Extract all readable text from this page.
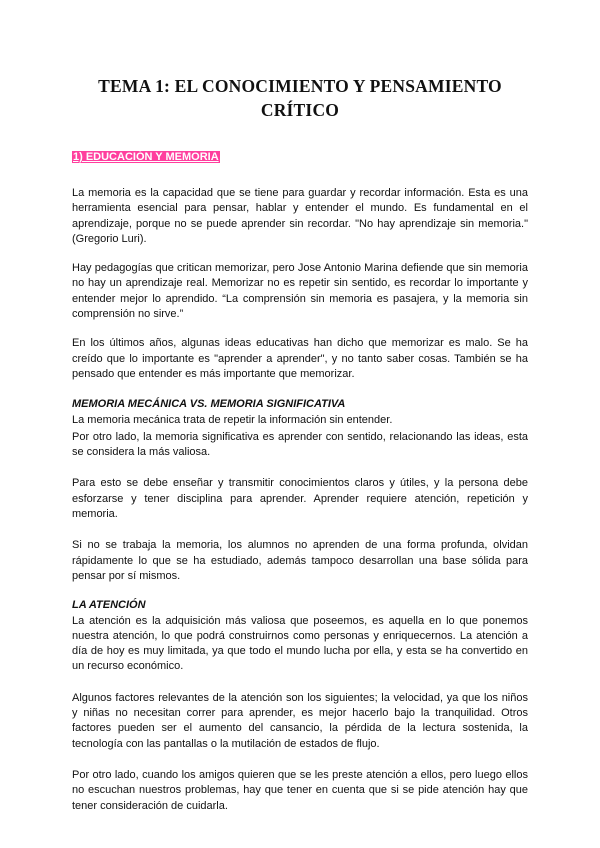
TEMA 1: EL CONOCIMIENTO Y PENSAMIENTO CRÍTICO
1) EDUCACIÓN Y MEMORIA

La memoria es la capacidad que se tiene para guardar y recordar información. Esta es una herramienta esencial para pensar, hablar y entender el mundo. Es fundamental en el aprendizaje, porque no se puede aprender sin recordar. "No hay aprendizaje sin memoria." (Gregorio Luri).

Hay pedagogías que critican memorizar, pero Jose Antonio Marina defiende que sin memoria no hay un aprendizaje real. Memorizar no es repetir sin sentido, es recordar lo importante y entender mejor lo aprendido. “La comprensión sin memoria es pasajera, y la memoria sin comprensión no sirve.”

En los últimos años, algunas ideas educativas han dicho que memorizar es malo. Se ha creído que lo importante es "aprender a aprender", y no tanto saber cosas. También se ha pensado que entender es más importante que memorizar.

MEMORIA MECÁNICA VS. MEMORIA SIGNIFICATIVA

La memoria mecánica trata de repetir la información sin entender.

Por otro lado, la memoria significativa es aprender con sentido, relacionando las ideas, esta se considera la más valiosa.

Para esto se debe enseñar y transmitir conocimientos claros y útiles, y la persona debe esforzarse y tener disciplina para aprender. Aprender requiere atención, repetición y memoria.

Si no se trabaja la memoria, los alumnos no aprenden de una forma profunda, olvidan rápidamente lo que se ha estudiado, además tampoco desarrollan una base sólida para pensar por sí mismos.

LA ATENCIÓN

La atención es la adquisición más valiosa que poseemos, es aquella en lo que ponemos nuestra atención, lo que podrá construirnos como personas y enriquecernos. La atención a día de hoy es muy limitada, ya que todo el mundo lucha por ella, y esta se ha convertido en un recurso económico.

Algunos factores relevantes de la atención son los siguientes; la velocidad, ya que los niños y niñas no necesitan correr para aprender, es mejor hacerlo bajo la tranquilidad. Otros factores pueden ser el aumento del cansancio, la pérdida de la lectura sostenida, la tecnología con las pantallas o la mutilación de estados de flujo.

Por otro lado, cuando los amigos quieren que se les preste atención a ellos, pero luego ellos no escuchan nuestros problemas, hay que tener en cuenta que si se pide atención hay que tener consideración de cuidarla.
